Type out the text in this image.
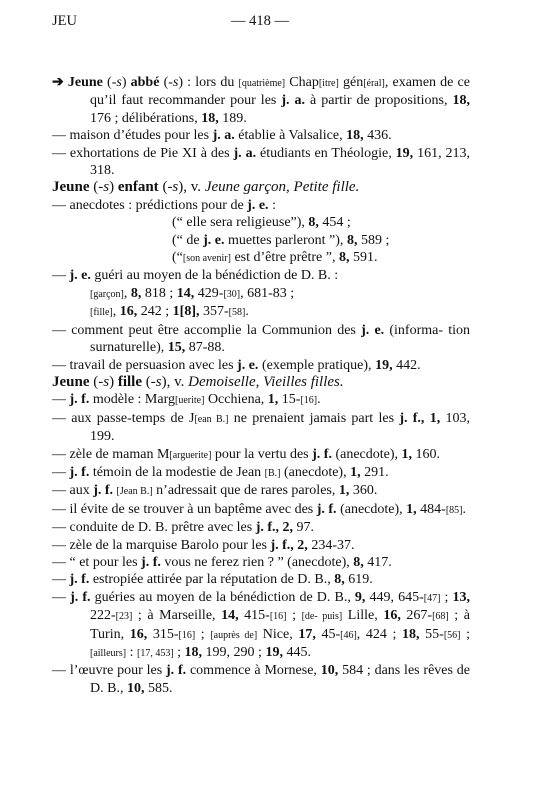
JEU	— 418 —
➔ Jeune (-s) abbé (-s) : lors du [quatrième] Chap[itre] gén[éral], examen de ce qu’il faut recommander pour les j. a. à partir de propositions, 18, 176 ; délibérations, 18, 189.
— maison d’études pour les j. a. établie à Valsalice, 18, 436.
— exhortations de Pie XI à des j. a. étudiants en Théologie, 19, 161, 213, 318.
Jeune (-s) enfant (-s), v. Jeune garçon, Petite fille.
— anecdotes : prédictions pour de j. e. :
(“ elle sera religieuse”), 8, 454 ;
(“ de j. e. muettes parleront ”), 8, 589 ;
(“[son avenir] est d’être prêtre ”, 8, 591.
— j. e. guéri au moyen de la bénédiction de D. B. :
[garçon], 8, 818 ; 14, 429-[30], 681-83 ;
[fille], 16, 242 ; 1[8], 357-[58].
— comment peut être accomplie la Communion des j. e. (informa- tion surnaturelle), 15, 87-88.
— travail de persuasion avec les j. e. (exemple pratique), 19, 442.
Jeune (-s) fille (-s), v. Demoiselle, Vieilles filles.
— j. f. modèle : Marg[uerite] Occhiena, 1, 15-[16].
— aux passe-temps de J[ean B.] ne prenaient jamais part les j. f., 1, 103, 199.
— zèle de maman M[arguerite] pour la vertu des j. f. (anecdote), 1, 160.
— j. f. témoin de la modestie de Jean [B.] (anecdote), 1, 291.
— aux j. f. [Jean B.] n’adressait que de rares paroles, 1, 360.
— il évite de se trouver à un baptême avec des j. f. (anecdote), 1, 484-[85].
— conduite de D. B. prêtre avec les j. f., 2, 97.
— zèle de la marquise Barolo pour les j. f., 2, 234-37.
— “ et pour les j. f. vous ne ferez rien ? ” (anecdote), 8, 417.
— j. f. estropiée attirée par la réputation de D. B., 8, 619.
— j. f. guéries au moyen de la bénédiction de D. B., 9, 449, 645-[47] ; 13, 222-[23] ; à Marseille, 14, 415-[16] ; [de- puis] Lille, 16, 267-[68] ; à Turin, 16, 315-[16] ; [auprès de] Nice, 17, 45-[46], 424 ; 18, 55-[56] ; [ailleurs] : [17, 453] ; 18, 199, 290 ; 19, 445.
— l’œuvre pour les j. f. commence à Mornese, 10, 584 ; dans les rêves de D. B., 10, 585.
